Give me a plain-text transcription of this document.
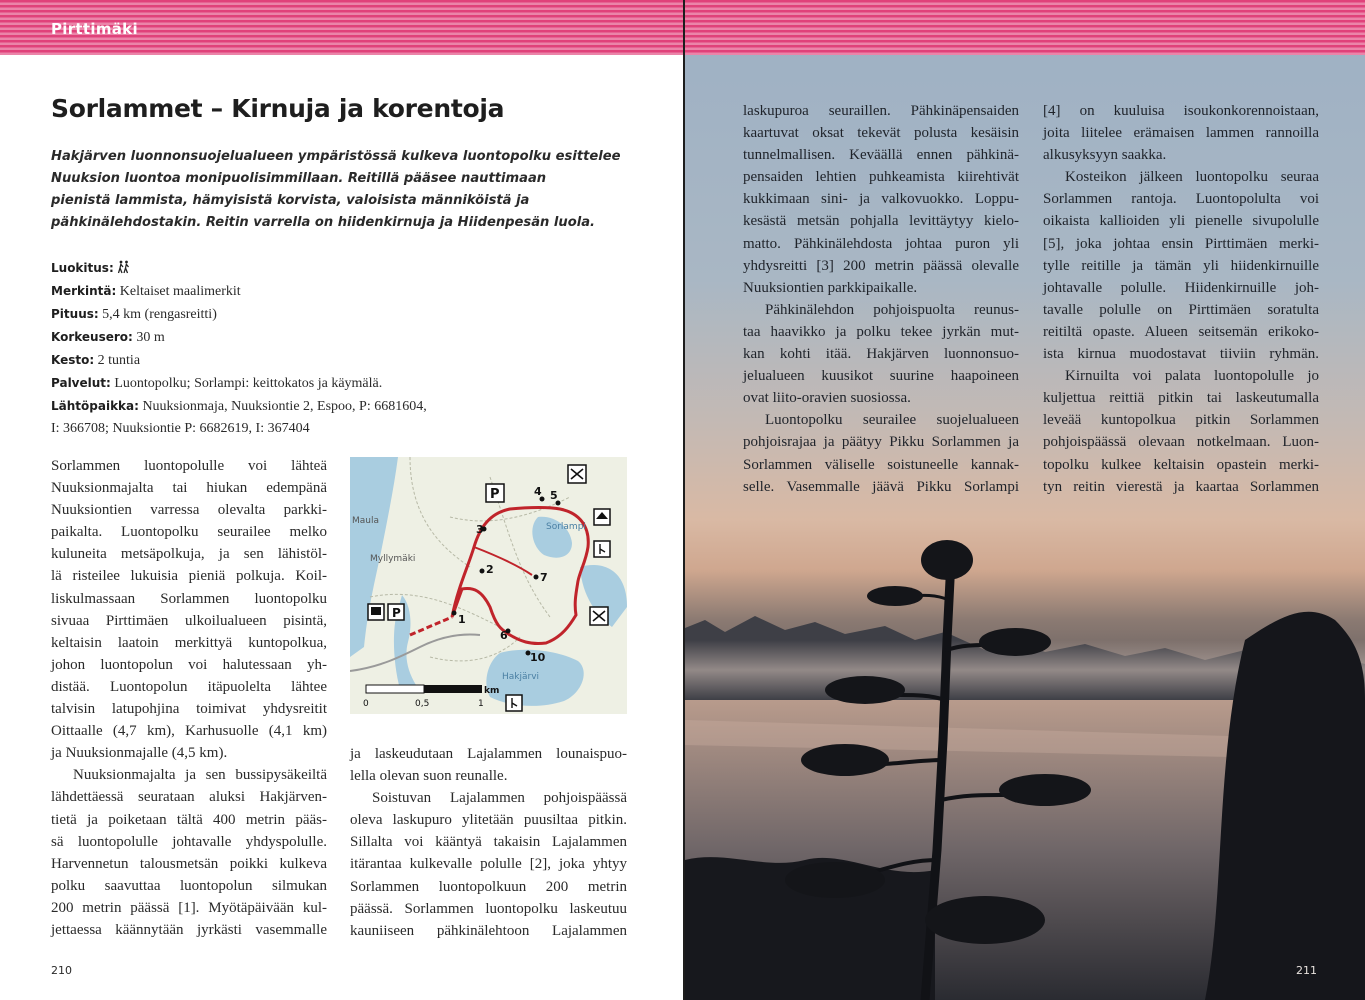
Pirttimäki
Sorlammet – Kirnuja ja korentoja
Hakjärven luonnonsuojelualueen ympäristössä kulkeva luontopolku esittelee
Nuuksion luontoa monipuolisimmillaan. Reitillä pääsee nauttimaan
pienistä lammista, hämyisistä korvista, valoisista männiköistä ja
pähkinälehdostakin. Reitin varrella on hiidenkirnuja ja Hiidenpesän luola.
Luokitus:
Merkintä: Keltaiset maalimerkit
Pituus: 5,4 km (rengasreitti)
Korkeusero: 30 m
Kesto: 2 tuntia
Palvelut: Luontopolku; Sorlampi: keittokatos ja käymälä.
Lähtöpaikka: Nuuksionmaja, Nuuksiontie 2, Espoo, P: 6681604,
I: 366708; Nuuksiontie P: 6682619, I: 367404
Sorlammen luontopolulle voi lähteä
Nuuksionmajalta tai hiukan edempänä
Nuuksiontien varressa olevalta parkki-
paikalta. Luontopolku seurailee melko
kuluneita metsäpolkuja, ja sen lähistöl-
lä risteilee lukuisia pieniä polkuja. Koil-
liskulmassaan Sorlammen luontopolku
sivuaa Pirttimäen ulkoilualueen pisintä,
keltaisin laatoin merkittyä kuntopolkua,
johon luontopolun voi halutessaan yh-
distää. Luontopolun itäpuolelta lähtee
talvisin latupohjina toimivat yhdysreitit
Oittaalle (4,7 km), Karhusuolle (4,1 km)
ja Nuuksionmajalle (4,5 km).
Nuuksionmajalta ja sen bussipysäkeiltä
lähdettäessä seurataan aluksi Hakjärven-
tietä ja poiketaan tältä 400 metrin pääs-
sä luontopolulle johtavalle yhdyspolulle.
Harvennetun talousmetsän poikki kulkeva
polku saavuttaa luontopolun silmukan
200 metrin päässä [1]. Myötäpäivään kul-
jettaessa käännytään jyrkästi vasemmalle
1
2
3
4 5
6
7
10
Maula
Myllymäki
Sorlampi
Hakjärvi
P
P
km
0	0,5	1
ja laskeudutaan Lajalammen lounaispuo-
lella olevan suon reunalle.
Soistuvan Lajalammen pohjoispäässä
oleva laskupuro ylitetään puusiltaa pitkin.
Sillalta voi kääntyä takaisin Lajalammen
itärantaa kulkevalle polulle [2], joka yhtyy
Sorlammen luontopolkuun 200 metrin
päässä. Sorlammen luontopolku laskeutuu
kauniiseen pähkinälehtoon Lajalammen
210
laskupuroa seuraillen. Pähkinäpensaiden
kaartuvat oksat tekevät polusta kesäisin
tunnelmallisen. Keväällä ennen pähkinä-
pensaiden lehtien puhkeamista kiirehtivät
kukkimaan sini- ja valkovuokko. Loppu-
kesästä metsän pohjalla levittäytyy kielo-
matto. Pähkinälehdosta johtaa puron yli
yhdysreitti [3] 200 metrin päässä olevalle
Nuuksiontien parkkipaikalle.
Pähkinälehdon pohjoispuolta reunus-
taa haavikko ja polku tekee jyrkän mut-
kan kohti itää. Hakjärven luonnonsuo-
jelualueen kuusikot suurine haapoineen
ovat liito-oravien suosiossa.
Luontopolku seurailee suojelualueen
pohjoisrajaa ja päätyy Pikku Sorlammen ja
Sorlammen väliselle soistuneelle kannak-
selle. Vasemmalle jäävä Pikku Sorlampi
[4] on kuuluisa isoukonkorennoistaan,
joita liitelee erämaisen lammen rannoilla
alkusyksyyn saakka.
Kosteikon jälkeen luontopolku seuraa
Sorlammen rantoja. Luontopolulta voi
oikaista kallioiden yli pienelle sivupolulle
[5], joka johtaa ensin Pirttimäen merki-
tylle reitille ja tämän yli hiidenkirnuille
johtavalle polulle. Hiidenkirnuille joh-
tavalle polulle on Pirttimäen soratulta
reitiltä opaste. Alueen seitsemän erikoko-
ista kirnua muodostavat tiiviin ryhmän.
Kirnuilta voi palata luontopolulle jo
kuljettua reittiä pitkin tai laskeutumalla
leveää kuntopolkua pitkin Sorlammen
pohjoispäässä olevaan notkelmaan. Luon-
topolku kulkee keltaisin opastein merki-
tyn reitin vierestä ja kaartaa Sorlammen
211
